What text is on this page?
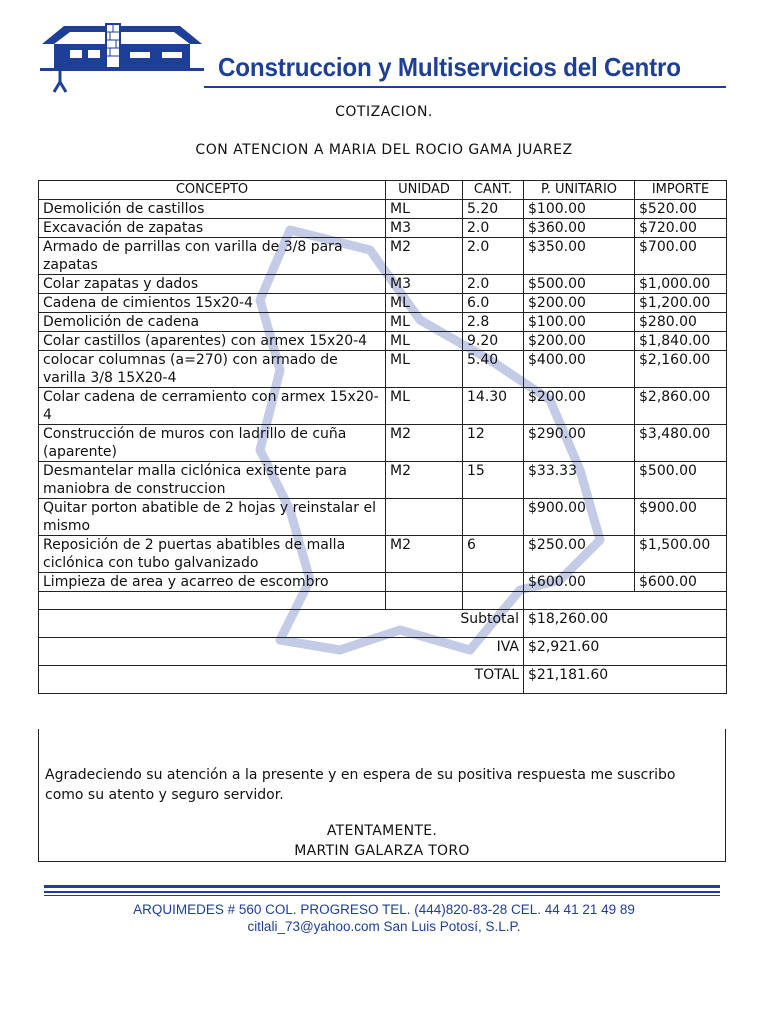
Construccion y Multiservicios del Centro
COTIZACION.
CON ATENCION A MARIA DEL ROCIO GAMA JUAREZ
CONCEPTO	UNIDAD	CANT.	P. UNITARIO	IMPORTE
Demolición de castillos	ML	5.20	$100.00	$520.00
Excavación de zapatas	M3	2.0	$360.00	$720.00
Armado de parrillas con varilla de 3/8 para zapatas	M2	2.0	$350.00	$700.00
Colar zapatas y dados	M3	2.0	$500.00	$1,000.00
Cadena de cimientos 15x20-4	ML	6.0	$200.00	$1,200.00
Demolición de cadena	ML	2.8	$100.00	$280.00
Colar castillos (aparentes) con armex 15x20-4	ML	9.20	$200.00	$1,840.00
colocar columnas (a=270) con armado de varilla 3/8 15X20-4	ML	5.40	$400.00	$2,160.00
Colar cadena de cerramiento con armex 15x20-4	ML	14.30	$200.00	$2,860.00
Construcción de muros con ladrillo de cuña (aparente)	M2	12	$290.00	$3,480.00
Desmantelar malla ciclónica existente para maniobra de construccion	M2	15	$33.33	$500.00
Quitar porton abatible de 2 hojas y reinstalar el mismo			$900.00	$900.00
Reposición de 2 puertas abatibles de malla ciclónica con tubo galvanizado	M2	6	$250.00	$1,500.00
Limpieza de area y acarreo de escombro			$600.00	$600.00

Subtotal			$18,260.00	
IVA			$2,921.60	
TOTAL			$21,181.60	
Agradeciendo su atención a la presente y en espera de su positiva respuesta me suscribo como su atento y seguro servidor.
ATENTAMENTE.
MARTIN GALARZA TORO
ARQUIMEDES # 560 COL. PROGRESO TEL. (444)820-83-28 CEL. 44 41 21 49 89
citlali_73@yahoo.com San Luis Potosí, S.L.P.
